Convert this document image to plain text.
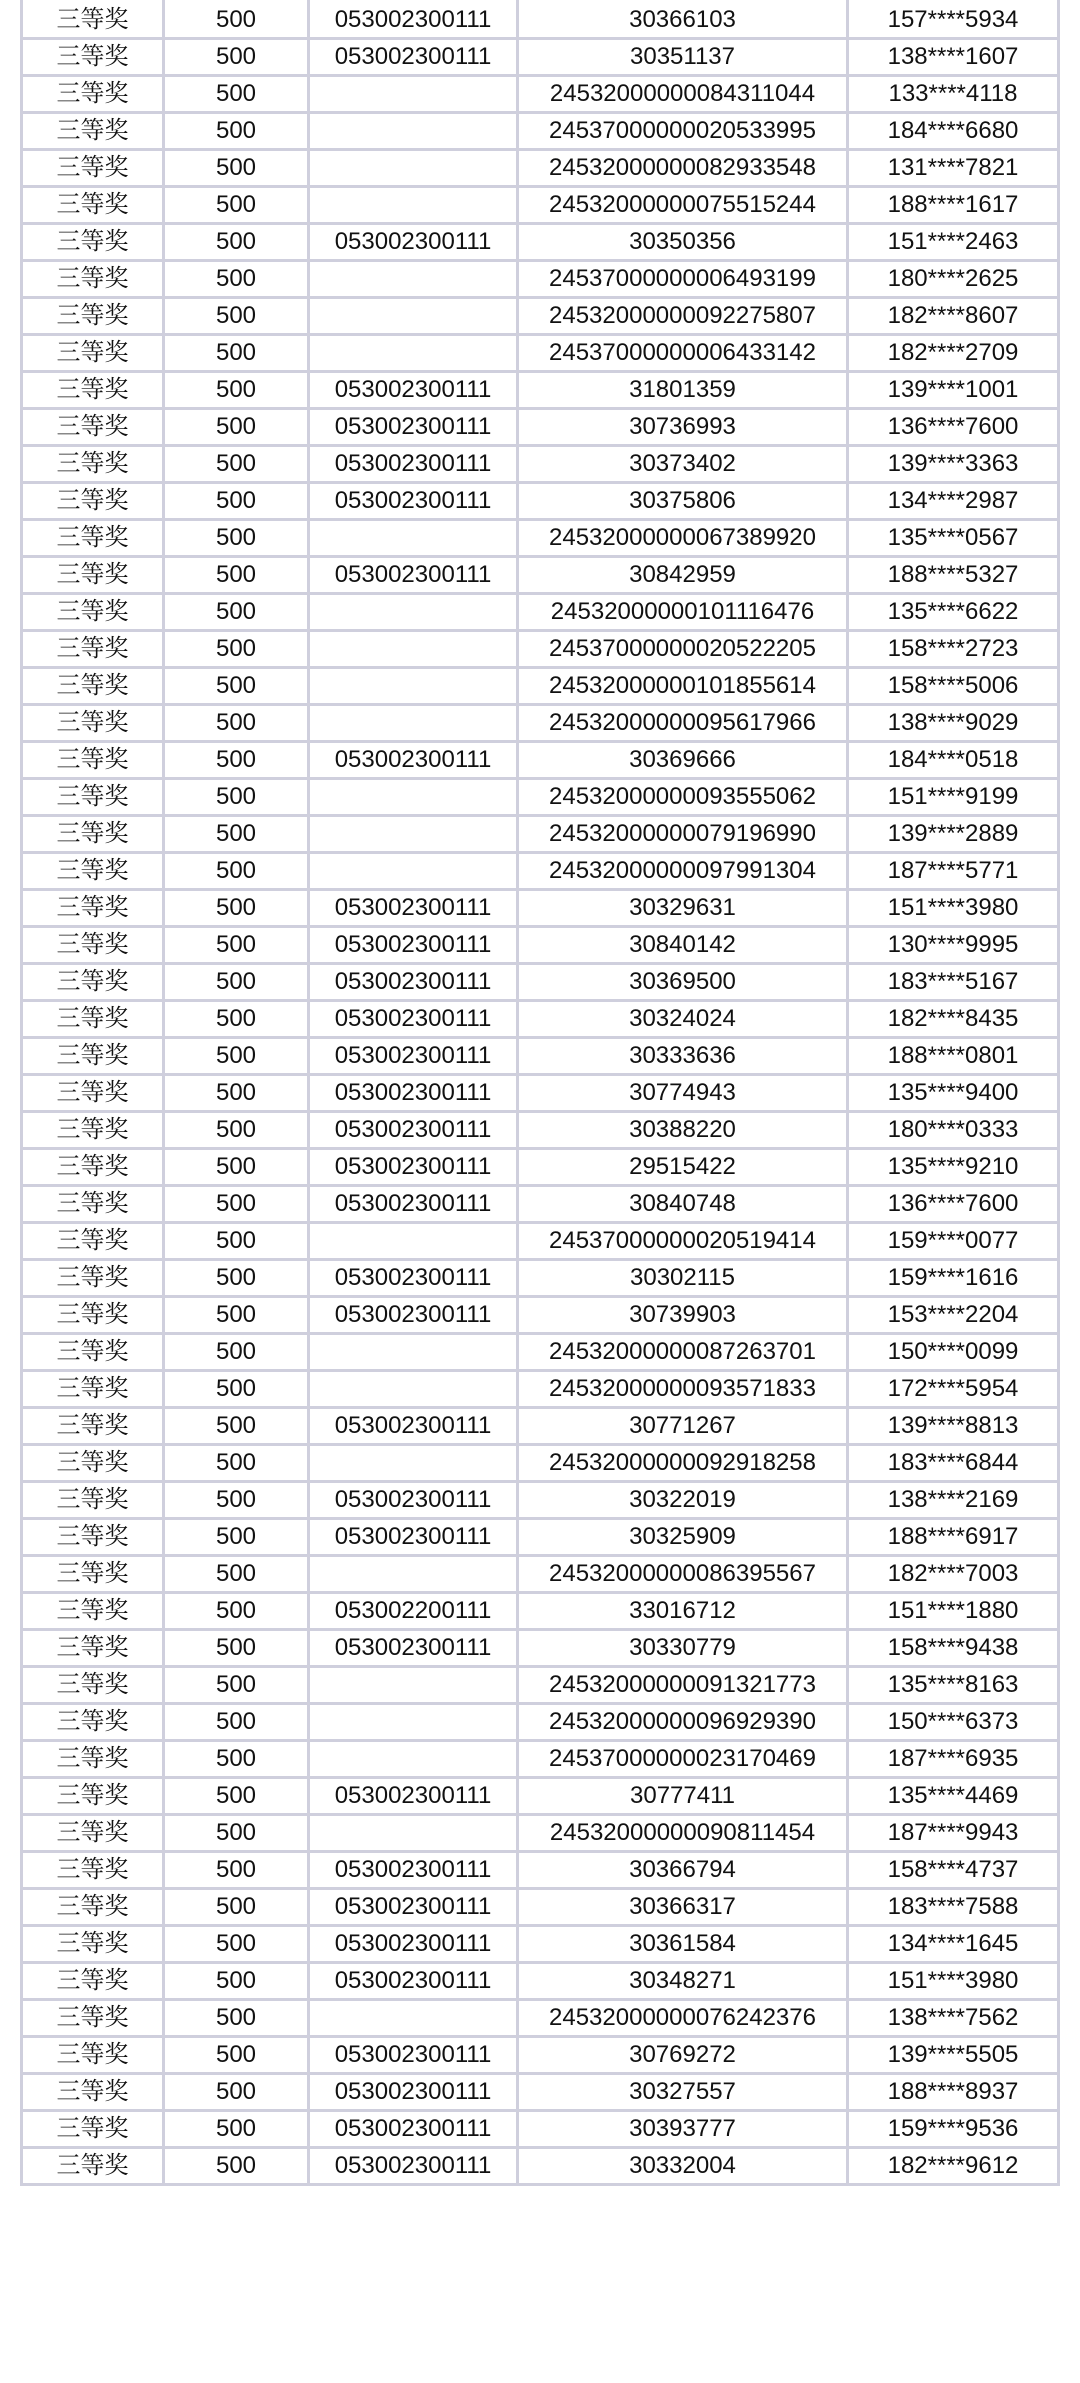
三等奖	500	053002300111	30366103	157****5934
三等奖	500	053002300111	30351137	138****1607
三等奖	500		24532000000084311044	133****4118
三等奖	500		24537000000020533995	184****6680
三等奖	500		24532000000082933548	131****7821
三等奖	500		24532000000075515244	188****1617
三等奖	500	053002300111	30350356	151****2463
三等奖	500		24537000000006493199	180****2625
三等奖	500		24532000000092275807	182****8607
三等奖	500		24537000000006433142	182****2709
三等奖	500	053002300111	31801359	139****1001
三等奖	500	053002300111	30736993	136****7600
三等奖	500	053002300111	30373402	139****3363
三等奖	500	053002300111	30375806	134****2987
三等奖	500		24532000000067389920	135****0567
三等奖	500	053002300111	30842959	188****5327
三等奖	500		24532000000101116476	135****6622
三等奖	500		24537000000020522205	158****2723
三等奖	500		24532000000101855614	158****5006
三等奖	500		24532000000095617966	138****9029
三等奖	500	053002300111	30369666	184****0518
三等奖	500		24532000000093555062	151****9199
三等奖	500		24532000000079196990	139****2889
三等奖	500		24532000000097991304	187****5771
三等奖	500	053002300111	30329631	151****3980
三等奖	500	053002300111	30840142	130****9995
三等奖	500	053002300111	30369500	183****5167
三等奖	500	053002300111	30324024	182****8435
三等奖	500	053002300111	30333636	188****0801
三等奖	500	053002300111	30774943	135****9400
三等奖	500	053002300111	30388220	180****0333
三等奖	500	053002300111	29515422	135****9210
三等奖	500	053002300111	30840748	136****7600
三等奖	500		24537000000020519414	159****0077
三等奖	500	053002300111	30302115	159****1616
三等奖	500	053002300111	30739903	153****2204
三等奖	500		24532000000087263701	150****0099
三等奖	500		24532000000093571833	172****5954
三等奖	500	053002300111	30771267	139****8813
三等奖	500		24532000000092918258	183****6844
三等奖	500	053002300111	30322019	138****2169
三等奖	500	053002300111	30325909	188****6917
三等奖	500		24532000000086395567	182****7003
三等奖	500	053002200111	33016712	151****1880
三等奖	500	053002300111	30330779	158****9438
三等奖	500		24532000000091321773	135****8163
三等奖	500		24532000000096929390	150****6373
三等奖	500		24537000000023170469	187****6935
三等奖	500	053002300111	30777411	135****4469
三等奖	500		24532000000090811454	187****9943
三等奖	500	053002300111	30366794	158****4737
三等奖	500	053002300111	30366317	183****7588
三等奖	500	053002300111	30361584	134****1645
三等奖	500	053002300111	30348271	151****3980
三等奖	500		24532000000076242376	138****7562
三等奖	500	053002300111	30769272	139****5505
三等奖	500	053002300111	30327557	188****8937
三等奖	500	053002300111	30393777	159****9536
三等奖	500	053002300111	30332004	182****9612
